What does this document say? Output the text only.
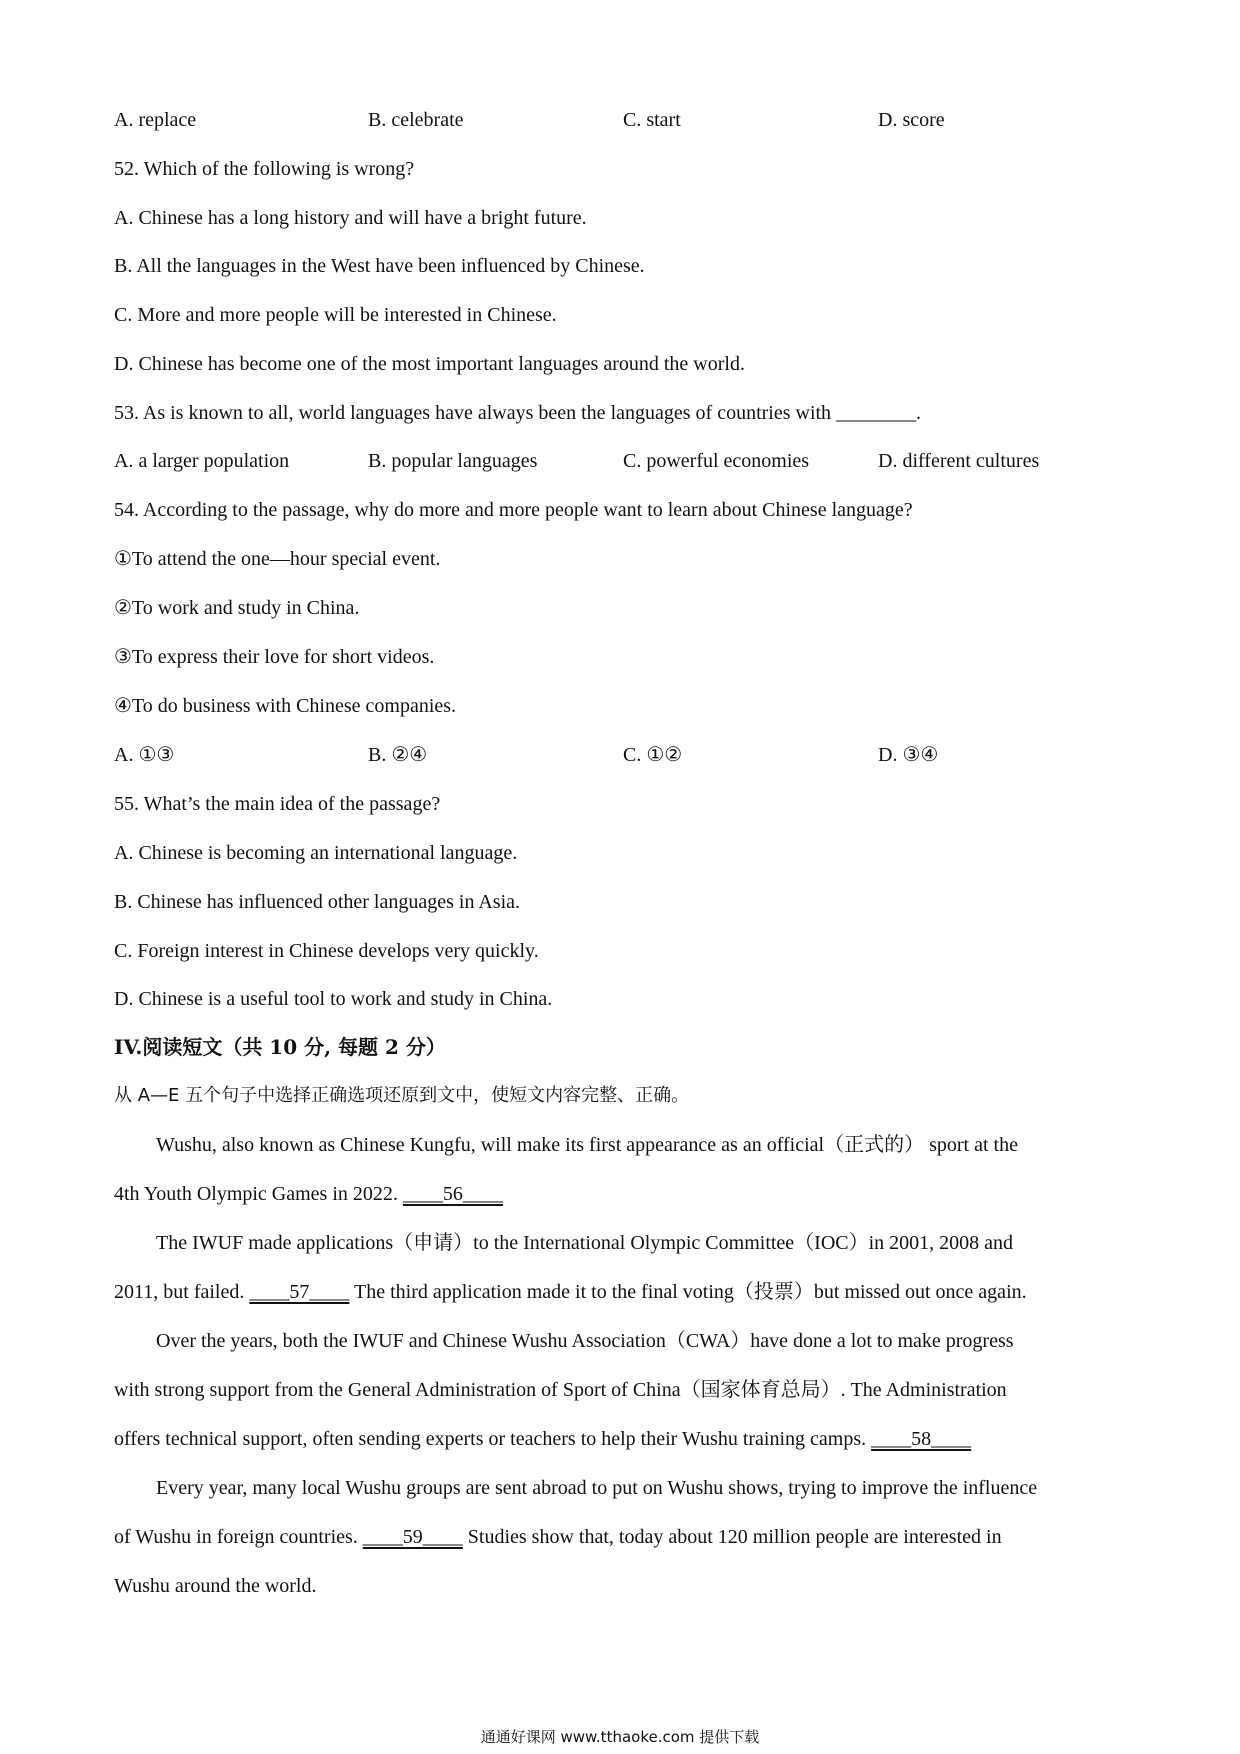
A. replace	B. celebrate	C. start	D. score
52. Which of the following is wrong?
A. Chinese has a long history and will have a bright future.
B. All the languages in the West have been influenced by Chinese.
C. More and more people will be interested in Chinese.
D. Chinese has become one of the most important languages around the world.
53. As is known to all, world languages have always been the languages of countries with ________.
A. a larger population	B. popular languages	C. powerful economies	D. different cultures
54. According to the passage, why do more and more people want to learn about Chinese language?
①To attend the one—hour special event.
②To work and study in China.
③To express their love for short videos.
④To do business with Chinese companies.
A. ①③	B. ②④	C. ①②	D. ③④
55. What’s the main idea of the passage?
A. Chinese is becoming an international language.
B. Chinese has influenced other languages in Asia.
C. Foreign interest in Chinese develops very quickly.
D. Chinese is a useful tool to work and study in China.
IV.阅读短文（共 10 分, 每题 2 分）
从 A—E 五个句子中选择正确选项还原到文中，使短文内容完整、正确。
Wushu, also known as Chinese Kungfu, will make its first appearance as an official（正式的） sport at the
4th Youth Olympic Games in 2022. ____56____
The IWUF made applications（申请）to the International Olympic Committee（IOC）in 2001, 2008 and
2011, but failed. ____57____ The third application made it to the final voting（投票）but missed out once again.
Over the years, both the IWUF and Chinese Wushu Association（CWA）have done a lot to make progress
with strong support from the General Administration of Sport of China（国家体育总局）. The Administration
offers technical support, often sending experts or teachers to help their Wushu training camps. ____58____
Every year, many local Wushu groups are sent abroad to put on Wushu shows, trying to improve the influence
of Wushu in foreign countries. ____59____ Studies show that, today about 120 million people are interested in
Wushu around the world.
通通好课网 www.tthaoke.com 提供下载
